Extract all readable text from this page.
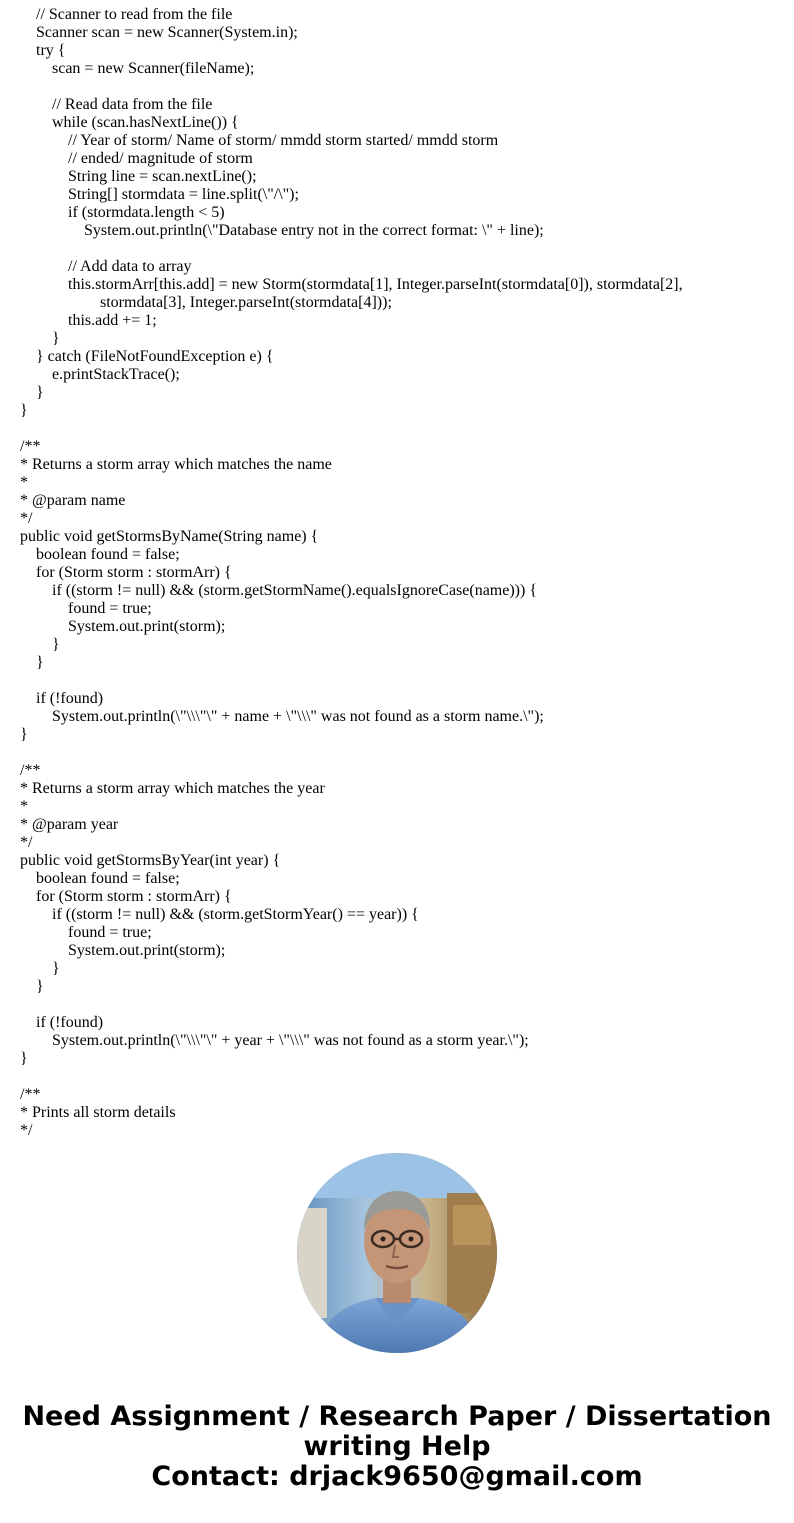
// Scanner to read from the file
Scanner scan = new Scanner(System.in);
try {
scan = new Scanner(fileName);
// Read data from the file
while (scan.hasNextLine()) {
// Year of storm/ Name of storm/ mmdd storm started/ mmdd storm
// ended/ magnitude of storm
String line = scan.nextLine();
String[] stormdata = line.split(\"/\");
if (stormdata.length < 5)
System.out.println(\"Database entry not in the correct format: \" + line);
// Add data to array
this.stormArr[this.add] = new Storm(stormdata[1], Integer.parseInt(stormdata[0]), stormdata[2],
stormdata[3], Integer.parseInt(stormdata[4]));
this.add += 1;
}
} catch (FileNotFoundException e) {
e.printStackTrace();
}
}
/**
* Returns a storm array which matches the name
*
* @param name
*/
public void getStormsByName(String name) {
boolean found = false;
for (Storm storm : stormArr) {
if ((storm != null) && (storm.getStormName().equalsIgnoreCase(name))) {
found = true;
System.out.print(storm);
}
}
if (!found)
System.out.println(\"\\\"\" + name + \"\\\" was not found as a storm name.\");
}
/**
* Returns a storm array which matches the year
*
* @param year
*/
public void getStormsByYear(int year) {
boolean found = false;
for (Storm storm : stormArr) {
if ((storm != null) && (storm.getStormYear() == year)) {
found = true;
System.out.print(storm);
}
}
if (!found)
System.out.println(\"\\\"\" + year + \"\\\" was not found as a storm year.\");
}
/**
* Prints all storm details
*/
Need Assignment / Research Paper / Dissertation
writing Help
Contact: drjack9650@gmail.com
